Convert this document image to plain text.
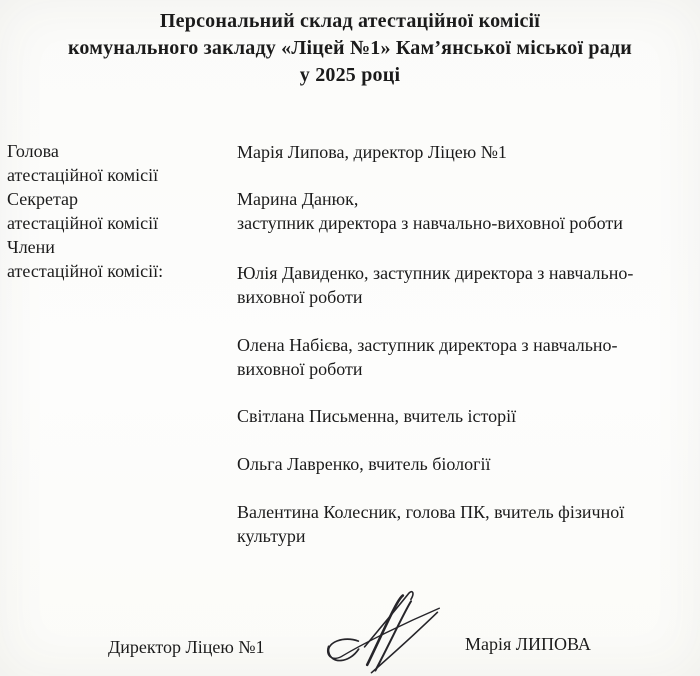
Персональний склад атестаційної комісії
комунального закладу «Ліцей №1» Кам’янської міської ради
у 2025 році
Голова
атестаційної комісії
Секретар
атестаційної комісії
Члени
атестаційної комісії:
Марія Липова, директор Ліцею №1
Марина Данюк,
заступник директора з навчально-виховної роботи
Юлія Давиденко, заступник директора з навчально-
виховної роботи
Олена Набієва, заступник директора з навчально-
виховної роботи
Світлана Письменна, вчитель історії
Ольга Лавренко, вчитель біології
Валентина Колесник, голова ПК, вчитель фізичної
культури
Директор Ліцею №1	Марія ЛИПОВА
